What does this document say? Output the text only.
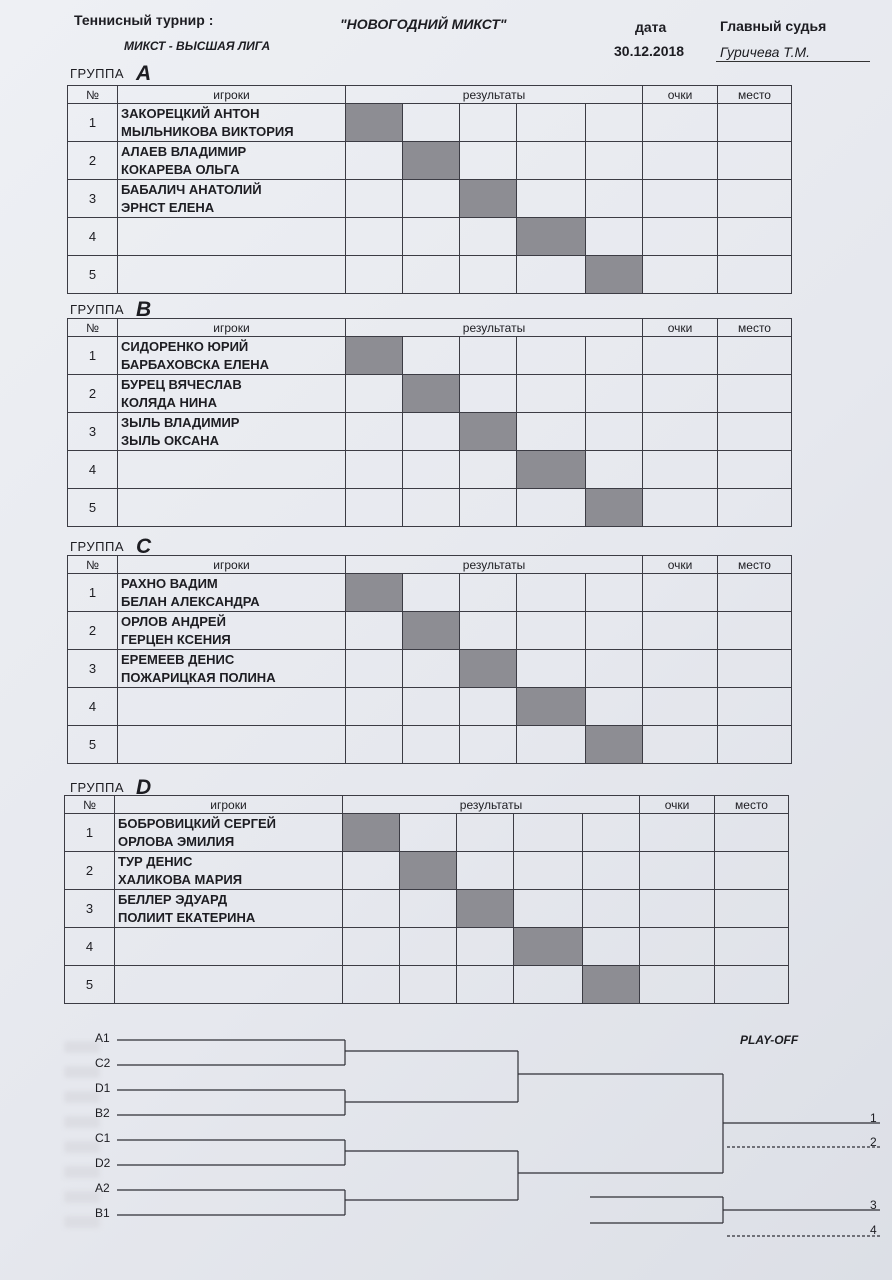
Теннисный турнир :	"НОВОГОДНИЙ МИКСТ"
МИКСТ - ВЫСШАЯ ЛИГА
дата
30.12.2018
Главный судья
Гуричева Т.М.
ГРУППА A
№	игроки	результаты					очки	место
1	ЗАКОРЕЦКИЙ АНТОН
МЫЛЬНИКОВА ВИКТОРИЯ							

2	АЛАЕВ ВЛАДИМИР
КОКАРЕВА ОЛЬГА							

3	БАБАЛИЧ АНАТОЛИЙ
ЭРНСТ ЕЛЕНА							

4	

5	

ГРУППА B
№	игроки	результаты					очки	место
1	СИДОРЕНКО ЮРИЙ
БАРБАХОВСКА ЕЛЕНА							

2	БУРЕЦ ВЯЧЕСЛАВ
КОЛЯДА НИНА							

3	ЗЫЛЬ ВЛАДИМИР
ЗЫЛЬ ОКСАНА							

4	

5	

ГРУППА C
№	игроки	результаты					очки	место
1	РАХНО ВАДИМ
БЕЛАН АЛЕКСАНДРА							

2	ОРЛОВ АНДРЕЙ
ГЕРЦЕН КСЕНИЯ							

3	ЕРЕМЕЕВ ДЕНИС
ПОЖАРИЦКАЯ ПОЛИНА							

4	

5	

ГРУППА D
№	игроки	результаты					очки	место
1	БОБРОВИЦКИЙ СЕРГЕЙ
ОРЛОВА ЭМИЛИЯ							

2	ТУР ДЕНИС
ХАЛИКОВА МАРИЯ							

3	БЕЛЛЕР ЭДУАРД
ПОЛИИТ ЕКАТЕРИНА							

4	

5	

PLAY-OFF
A1
C2
D1
B2
C1
D2
A2
B1
1
2
3
4
